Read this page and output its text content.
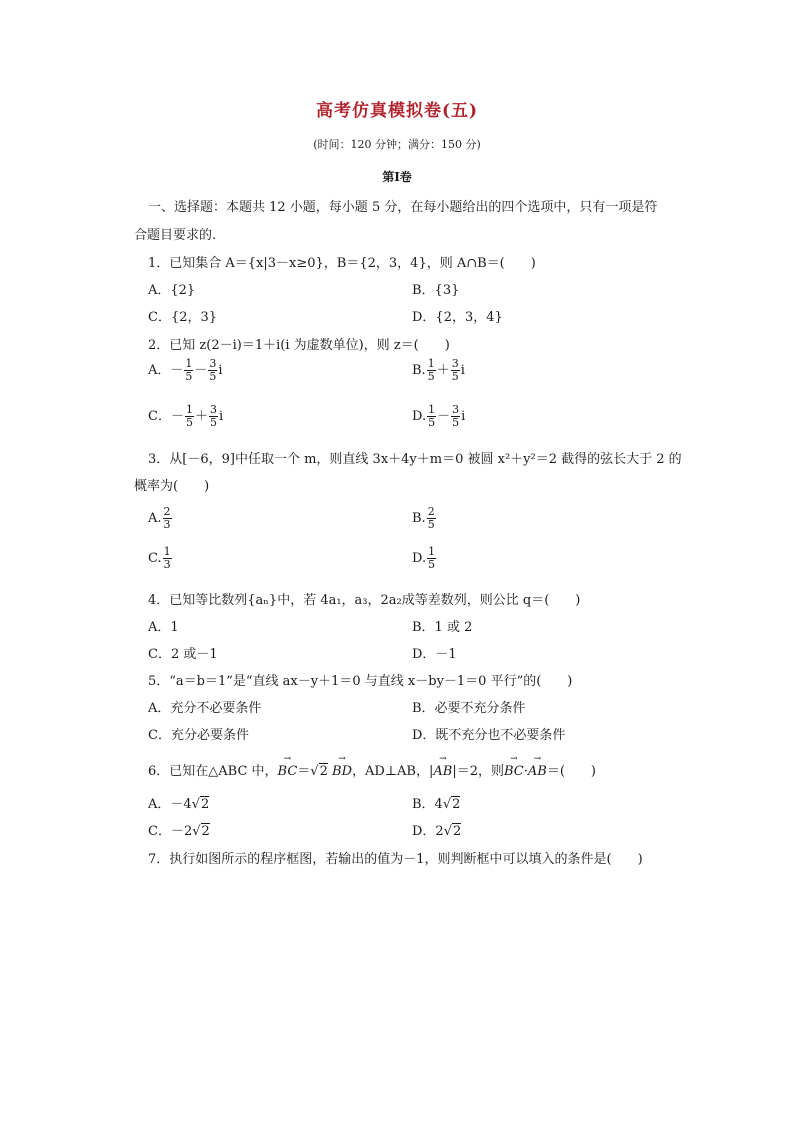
高考仿真模拟卷(五)
(时间：120 分钟；满分：150 分)
第Ⅰ卷
一、选择题：本题共 12 小题，每小题 5 分，在每小题给出的四个选项中，只有一项是符
合题目要求的.
1．已知集合 A＝{x|3－x≥0}，B＝{2，3，4}，则 A∩B＝(　　)
A．{2}	B．{3}
C．{2，3}	D．{2，3，4}
2．已知 z(2－i)＝1＋i(i 为虚数单位)，则 z＝(　　)
A．－ $\frac{1}{5} - \frac{3}{5}$ i	B. $\frac{1}{5} + \frac{3}{5}$ i
C．－ $\frac{1}{5} + \frac{3}{5}$ i	D. $\frac{1}{5} - \frac{3}{5}$ i
3．从[－6，9]中任取一个 m，则直线 3x＋4y＋m＝0 被圆 x²＋y²＝2 截得的弦长大于 2 的
概率为(　　)
A. $\frac{2}{3}$	B. $\frac{2}{5}$
C. $\frac{1}{3}$	D. $\frac{1}{5}$
4．已知等比数列{aₙ}中，若 4a₁，a₃，2a₂成等差数列，则公比 q＝(　　)
A．1	B．1 或 2
C．2 或－1	D．－1
5．“a＝b＝1”是“直线 ax－y＋1＝0 与直线 x－by－1＝0 平行”的(　　)
A．充分不必要条件	B．必要不充分条件
C．充分必要条件	D．既不充分也不必要条件
6．已知在△ABC 中，→ BC＝√2 → BD，AD⊥AB，|→ AB|＝2，则→ BC·→ AB＝(　　)
A．－4√2	B．4√2
C．－2√2	D．2√2
7．执行如图所示的程序框图，若输出的值为－1，则判断框中可以填入的条件是(　　)
